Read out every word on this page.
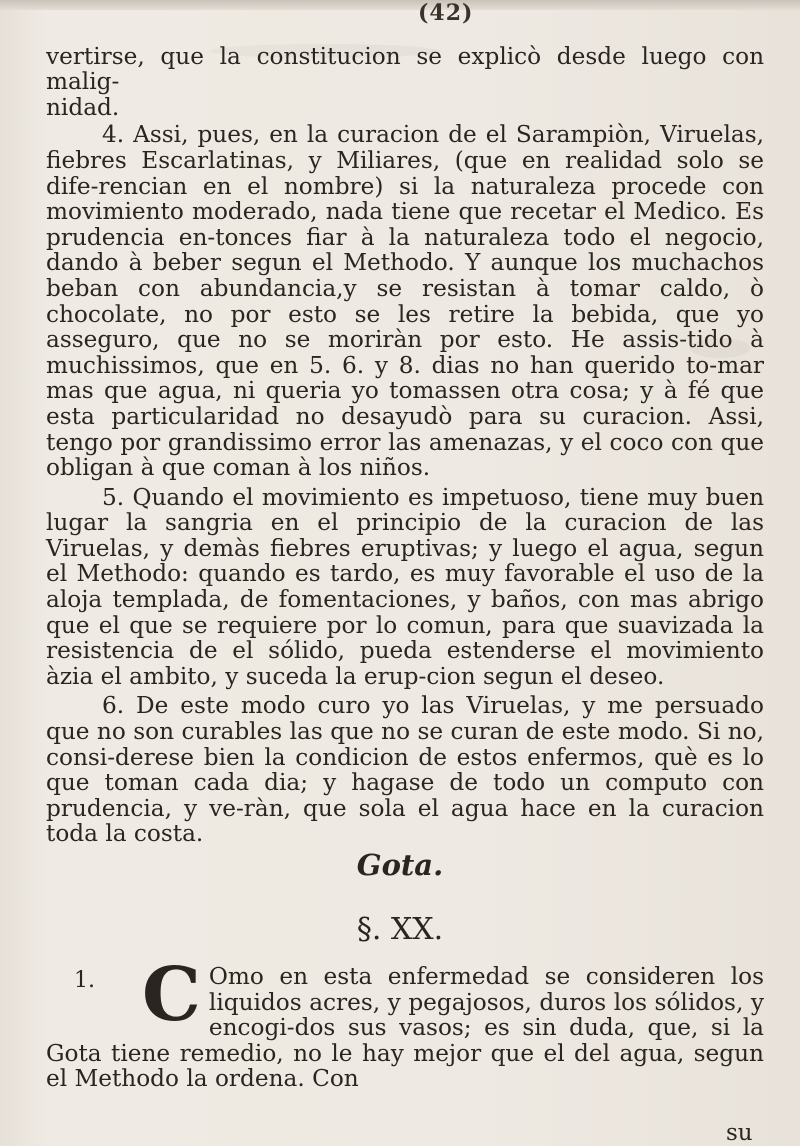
(42)

vertirse, que la constitucion se explicò desde luego con malig-
nidad.

4. Assi, pues, en la curacion de el Sarampiòn, Viruelas, fiebres Escarlatinas, y Miliares, (que en realidad solo se dife-rencian en el nombre) si la naturaleza procede con movimiento moderado, nada tiene que recetar el Medico. Es prudencia en-tonces fiar à la naturaleza todo el negocio, dando à beber segun el Methodo. Y aunque los muchachos beban con abundancia,y se resistan à tomar caldo, ò chocolate, no por esto se les retire la bebida, que yo asseguro, que no se moriràn por esto. He assis-tido à muchissimos, que en 5. 6. y 8. dias no han querido to-mar mas que agua, ni queria yo tomassen otra cosa; y à fé que esta particularidad no desayudò para su curacion. Assi, tengo por grandissimo error las amenazas, y el coco con que obligan à que coman à los niños.

5. Quando el movimiento es impetuoso, tiene muy buen lugar la sangria en el principio de la curacion de las Viruelas, y demàs fiebres eruptivas; y luego el agua, segun el Methodo: quando es tardo, es muy favorable el uso de la aloja templada, de fomentaciones, y baños, con mas abrigo que el que se requiere por lo comun, para que suavizada la resistencia de el sólido, pueda estenderse el movimiento àzia el ambito, y suceda la erup-cion segun el deseo.

6. De este modo curo yo las Viruelas, y me persuado que no son curables las que no se curan de este modo. Si no, consi-derese bien la condicion de estos enfermos, què es lo que toman cada dia; y hagase de todo un computo con prudencia, y ve-ràn, que sola el agua hace en la curacion toda la costa.

Gota.
§. XX.
C Omo en esta enfermedad se consideren los liquidos acres, y pegajosos, duros los sólidos, y encogi-dos sus vasos; es sin duda, que, si la Gota tiene remedio, no le hay mejor que el del agua, segun el Methodo la ordena. Con
1.
su
